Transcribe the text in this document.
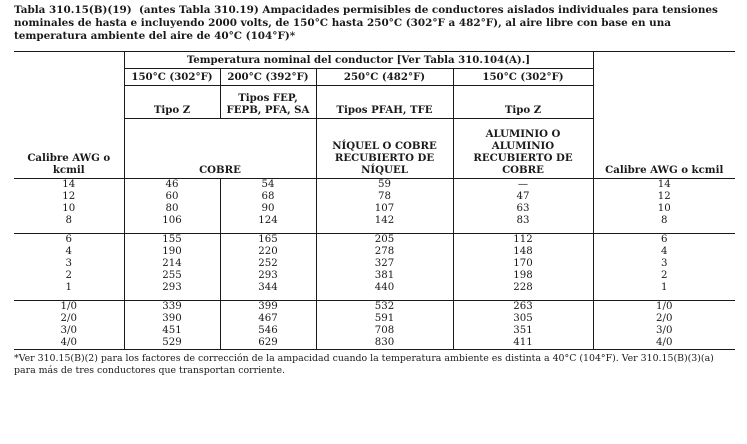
Tabla 310.15(B)(19) (antes Tabla 310.19) Ampacidades permisibles de conductores aislados individuales para tensiones nominales de hasta e incluyendo 2000 volts, de 150°C hasta 250°C (302°F a 482°F), al aire libre con base en una temperatura ambiente del aire de 40°C (104°F)*
Calibre AWG o kcmil	Temperatura nominal del conductor [Ver Tabla 310.104(A).]				Calibre AWG o kcmil
	150°C (302°F)	200°C (392°F)	250°C (482°F)	150°C (302°F)	
	Tipo Z	Tipos FEP, FEPB, PFA, SA	Tipos PFAH, TFE	Tipo Z	
	COBRE		NÍQUEL O COBRE RECUBIERTO DE NÍQUEL	ALUMINIO O ALUMINIO RECUBIERTO DE COBRE	
14	46	54	59	—	14
12	60	68	78	47	12
10	80	90	107	63	10
8	106	124	142	83	8

6	155	165	205	112	6
4	190	220	278	148	4
3	214	252	327	170	3
2	255	293	381	198	2
1	293	344	440	228	1

1/0	339	399	532	263	1/0
2/0	390	467	591	305	2/0
3/0	451	546	708	351	3/0
4/0	529	629	830	411	4/0
*Ver 310.15(B)(2) para los factores de corrección de la ampacidad cuando la temperatura ambiente es distinta a 40°C (104°F). Ver 310.15(B)(3)(a) para más de tres conductores que transportan corriente.
